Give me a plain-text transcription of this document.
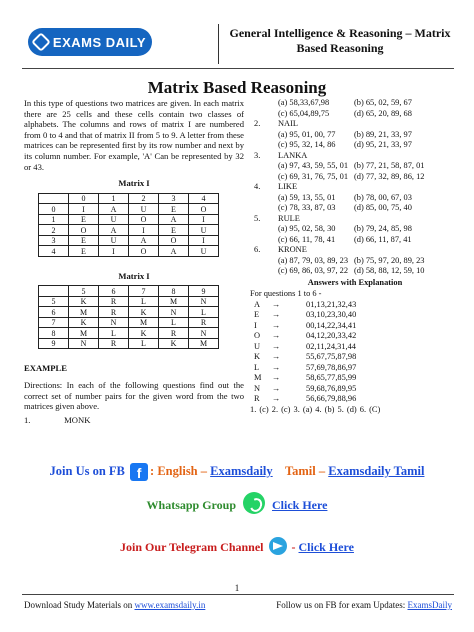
EXAMS DAILY
General Intelligence & Reasoning – Matrix Based Reasoning
Matrix Based Reasoning

In this type of questions two matrices are given. In each matrix there are 25 cells and these cells contain two classes of alphabets. The columns and rows of matrix I are numbered from 0 to 4 and that of matrix II from 5 to 9. A letter from these matrices can be represented first by its row number and next by its column number. For example, 'A' Can be represented by 32 or 43.

Matrix I
	0	1	2	3	4
0	I	A	U	E	O
1	E	U	O	A	I
2	O	A	I	E	U
3	E	U	A	O	I
4	E	I	O	A	U
Matrix I
	5	6	7	8	9
5	K	R	L	M	N
6	M	R	K	N	L
7	K	N	M	L	R
8	M	L	K	R	N
9	N	R	L	K	M
EXAMPLE

Directions: In each of the following questions find out the correct set of number pairs for the given word from the two matrices given above.

1.	MONK
(a) 58,33,67,98	(b) 65, 02, 59, 67
(c) 65,04,89,75	(d) 65, 20, 89, 68
2. NAIL
(a) 95, 01, 00, 77	(b) 89, 21, 33, 97
(c) 95, 32, 14, 86	(d) 95, 21, 33, 97
3. LANKA
(a) 97, 43, 59, 55, 01 (b) 77, 21, 58, 87, 01
(c) 69, 31, 76, 75, 01 (d) 77, 32, 89, 86, 12
4. LIKE
(a) 59, 13, 55, 01	(b) 78, 00, 67, 03
(c) 78, 33, 87, 03	(d) 85, 00, 75, 40
5. RULE
(a) 95, 02, 58, 30	(b) 79, 24, 85, 98
(c) 66, 11, 78, 41	(d) 66, 11, 87, 41
6. KRONE
(a) 87, 79, 03, 89, 23 (b) 75, 97, 20, 89, 23
(c) 69, 86, 03, 97, 22 (d) 58, 88, 12, 59, 10
Answers with Explanation
For questions 1 to 6 -
A	→	01,13,21,32,43
E	→	03,10,23,30,40
I	→	00,14,22,34,41
O	→	04,12,20,33,42
U	→	02,11,24,31,44
K	→	55,67,75,87,98
L	→	57,69,78,86,97
M	→	58,65,77,85,99
N	→	59,68,76,89,95
R	→	56,66,79,88,96
1. (c) 2. (c) 3. (a) 4. (b) 5. (d) 6. (C)
Join Us on FB f : English – Examsdaily Tamil – Examsdaily Tamil
Whatsapp Group	Click Here
Join Our Telegram Channel - Click Here
1
Download Study Materials on www.examsdaily.in	Follow us on FB for exam Updates: ExamsDaily
